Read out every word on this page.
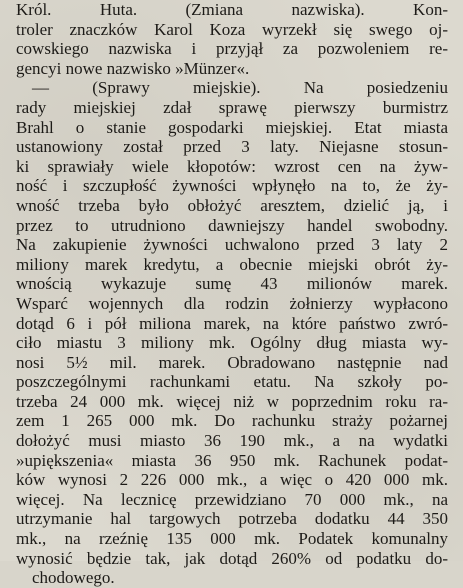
Król. Huta. (Zmiana nazwiska). Kon-
troler znaczków Karol Koza wyrzekł się swego oj-
cowskiego nazwiska i przyjął za pozwoleniem re-
gencyi nowe nazwisko »Münzer«.
— (Sprawy miejskie). Na posiedzeniu
rady miejskiej zdał sprawę pierwszy burmistrz
Brahl o stanie gospodarki miejskiej. Etat miasta
ustanowiony został przed 3 laty. Niejasne stosun-
ki sprawiały wiele kłopotów: wzrost cen na żyw-
ność i szczupłość żywności wpłynęło na to, że ży-
wność trzeba było obłożyć aresztem, dzielić ją, i
przez to utrudniono dawniejszy handel swobodny.
Na zakupienie żywności uchwalono przed 3 laty 2
miliony marek kredytu, a obecnie miejski obrót ży-
wnością wykazuje sumę 43 milionów marek.
Wsparć wojennych dla rodzin żołnierzy wypłacono
dotąd 6 i pół miliona marek, na które państwo zwró-
ciło miastu 3 miliony mk. Ogólny dług miasta wy-
nosi 5½ mil. marek. Obradowano następnie nad
poszczególnymi rachunkami etatu. Na szkoły po-
trzeba 24 000 mk. więcej niż w poprzednim roku ra-
zem 1 265 000 mk. Do rachunku straży pożarnej
dołożyć musi miasto 36 190 mk., a na wydatki
»upiększenia« miasta 36 950 mk. Rachunek podat-
ków wynosi 2 226 000 mk., a więc o 420 000 mk.
więcej. Na lecznicę przewidziano 70 000 mk., na
utrzymanie hal targowych potrzeba dodatku 44 350
mk., na rzeźnię 135 000 mk. Podatek komunalny
wynosić będzie tak, jak dotąd 260% od podatku do-
chodowego.
